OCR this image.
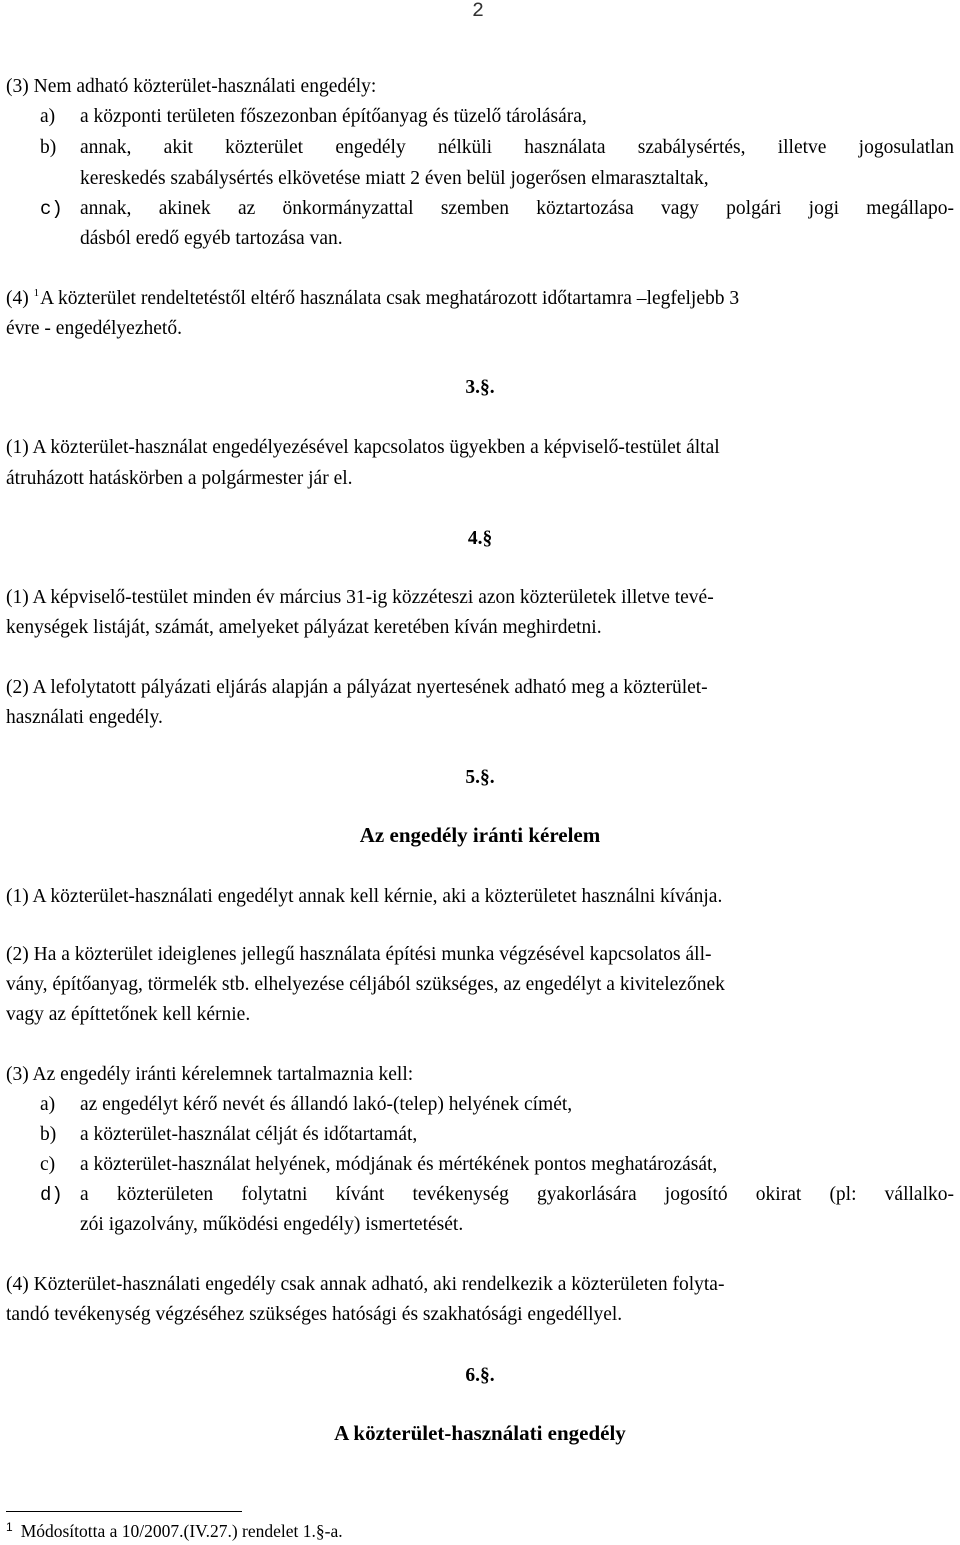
2
(3) Nem adható közterület-használati engedély:
a) a központi területen főszezonban építőanyag és tüzelő tárolására,
b) annak, akit közterület engedély nélküli használata szabálysértés, illetve jogosulatlan
kereskedés szabálysértés elkövetése miatt 2 éven belül jogerősen elmarasztaltak,
c) annak, akinek az önkormányzattal szemben köztartozása vagy polgári jogi megállapo-
dásból eredő egyéb tartozása van.
(4) $^1$A közterület rendeltetéstől eltérő használata csak meghatározott időtartamra –legfeljebb 3
évre - engedélyezhető.
3.§.
(1) A közterület-használat engedélyezésével kapcsolatos ügyekben a képviselő-testület által
átruházott hatáskörben a polgármester jár el.
4.§
(1) A képviselő-testület minden év március 31-ig közzéteszi azon közterületek illetve tevé-
kenységek listáját, számát, amelyeket pályázat keretében kíván meghirdetni.
(2) A lefolytatott pályázati eljárás alapján a pályázat nyertesének adható meg a közterület-
használati engedély.
5.§.
Az engedély iránti kérelem
(1) A közterület-használati engedélyt annak kell kérnie, aki a közterületet használni kívánja.
(2) Ha a közterület ideiglenes jellegű használata építési munka végzésével kapcsolatos áll-
vány, építőanyag, törmelék stb. elhelyezése céljából szükséges, az engedélyt a kivitelezőnek
vagy az építtetőnek kell kérnie.
(3) Az engedély iránti kérelemnek tartalmaznia kell:
a) az engedélyt kérő nevét és állandó lakó-(telep) helyének címét,
b) a közterület-használat célját és időtartamát,
c) a közterület-használat helyének, módjának és mértékének pontos meghatározását,
d) a közterületen folytatni kívánt tevékenység gyakorlására jogosító okirat (pl: vállalko-
zói igazolvány, működési engedély) ismertetését.
(4) Közterület-használati engedély csak annak adható, aki rendelkezik a közterületen folyta-
tandó tevékenység végzéséhez szükséges hatósági és szakhatósági engedéllyel.
6.§.
A közterület-használati engedély
$^1$ Módosította a 10/2007.(IV.27.) rendelet 1.§-a.
